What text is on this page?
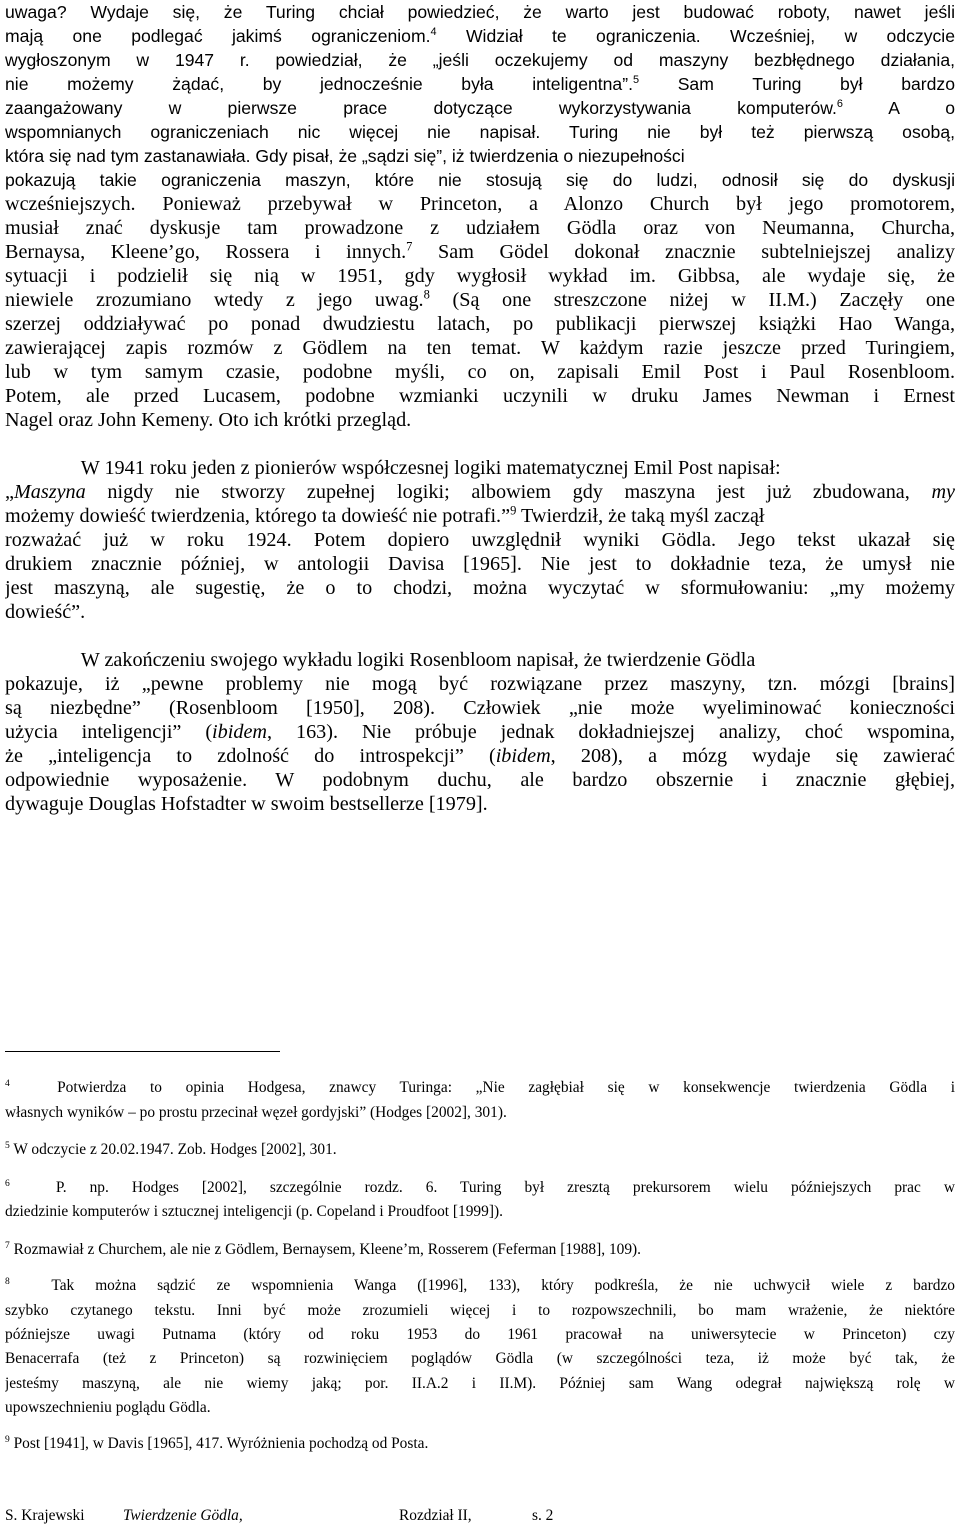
uwaga? Wydaje się, że Turing chciał powiedzieć, że warto jest budować roboty, nawet jeśli

mają one podlegać jakimś ograniczeniom.$^4$ Widział te ograniczenia. Wcześniej, w odczycie

wygłoszonym w 1947 r. powiedział, że „jeśli oczekujemy od maszyny bezbłędnego działania,

nie możemy żądać, by jednocześnie była inteligentna”.$^5$ Sam Turing był bardzo

zaangażowany w pierwsze prace dotyczące wykorzystywania komputerów.$^6$ A o

wspomnianych ograniczeniach nic więcej nie napisał. Turing nie był też pierwszą osobą,

która się nad tym zastanawiała. Gdy pisał, że „sądzi się”, iż twierdzenia o niezupełności

pokazują takie ograniczenia maszyn, które nie stosują się do ludzi, odnosił się do dyskusji

wcześniejszych. Ponieważ przebywał w Princeton, a Alonzo Church był jego promotorem,

musiał znać dyskusje tam prowadzone z udziałem Gödla oraz von Neumanna, Churcha,

Bernaysa, Kleene’go, Rossera i innych.$^7$ Sam Gödel dokonał znacznie subtelniejszej analizy

sytuacji i podzielił się nią w 1951, gdy wygłosił wykład im. Gibbsa, ale wydaje się, że

niewiele zrozumiano wtedy z jego uwag.$^8$ (Są one streszczone niżej w II.M.) Zaczęły one

szerzej oddziaływać po ponad dwudziestu latach, po publikacji pierwszej książki Hao Wanga,

zawierającej zapis rozmów z Gödlem na ten temat. W każdym razie jeszcze przed Turingiem,

lub w tym samym czasie, podobne myśli, co on, zapisali Emil Post i Paul Rosenbloom.

Potem, ale przed Lucasem, podobne wzmianki uczynili w druku James Newman i Ernest

Nagel oraz John Kemeny. Oto ich krótki przegląd.

W 1941 roku jeden z pionierów współczesnej logiki matematycznej Emil Post napisał:

„Maszyna nigdy nie stworzy zupełnej logiki; albowiem gdy maszyna jest już zbudowana, my

możemy dowieść twierdzenia, którego ta dowieść nie potrafi.”$^9$ Twierdził, że taką myśl zaczął

rozważać już w roku 1924. Potem dopiero uwzględnił wyniki Gödla. Jego tekst ukazał się

drukiem znacznie później, w antologii Davisa [1965]. Nie jest to dokładnie teza, że umysł nie

jest maszyną, ale sugestię, że o to chodzi, można wyczytać w sformułowaniu: „my możemy

dowieść”.

W zakończeniu swojego wykładu logiki Rosenbloom napisał, że twierdzenie Gödla

pokazuje, iż „pewne problemy nie mogą być rozwiązane przez maszyny, tzn. mózgi [brains]

są niezbędne” (Rosenbloom [1950], 208). Człowiek „nie może wyeliminować konieczności

użycia inteligencji” (ibidem, 163). Nie próbuje jednak dokładniejszej analizy, choć wspomina,

że „inteligencja to zdolność do introspekcji” (ibidem, 208), a mózg wydaje się zawierać

odpowiednie wyposażenie. W podobnym duchu, ale bardzo obszernie i znacznie głębiej,

dywaguje Douglas Hofstadter w swoim bestsellerze [1979].

$^4$  Potwierdza to opinia Hodgesa, znawcy Turinga: „Nie zagłębiał się w konsekwencje twierdzenia Gödla i

własnych wyników – po prostu przecinał węzeł gordyjski” (Hodges [2002], 301).

$^5$ W odczycie z 20.02.1947. Zob. Hodges [2002], 301.

$^6$  P. np. Hodges [2002], szczególnie rozdz. 6. Turing był zresztą prekursorem wielu późniejszych prac w

dziedzinie komputerów i sztucznej inteligencji (p. Copeland i Proudfoot [1999]).

$^7$ Rozmawiał z Churchem, ale nie z Gödlem, Bernaysem, Kleene’m, Rosserem (Feferman [1988], 109).

$^8$  Tak można sądzić ze wspomnienia Wanga ([1996], 133), który podkreśla, że nie uchwycił wiele z bardzo

szybko czytanego tekstu. Inni być może zrozumieli więcej i to rozpowszechnili, bo mam wrażenie, że niektóre

późniejsze uwagi Putnama (który od roku 1953 do 1961 pracował na uniwersytecie w Princeton) czy

Benacerrafa (też z Princeton) są rozwinięciem poglądów Gödla (w szczególności teza, iż może być tak, że

jesteśmy maszyną, ale nie wiemy jaką; por. II.A.2 i II.M). Później sam Wang odegrał największą rolę w

upowszechnieniu poglądu Gödla.

$^9$ Post [1941], w Davis [1965], 417. Wyróżnienia pochodzą od Posta.

S. Krajewski Twierdzenie Gödla,	Rozdział II,	s. 2
